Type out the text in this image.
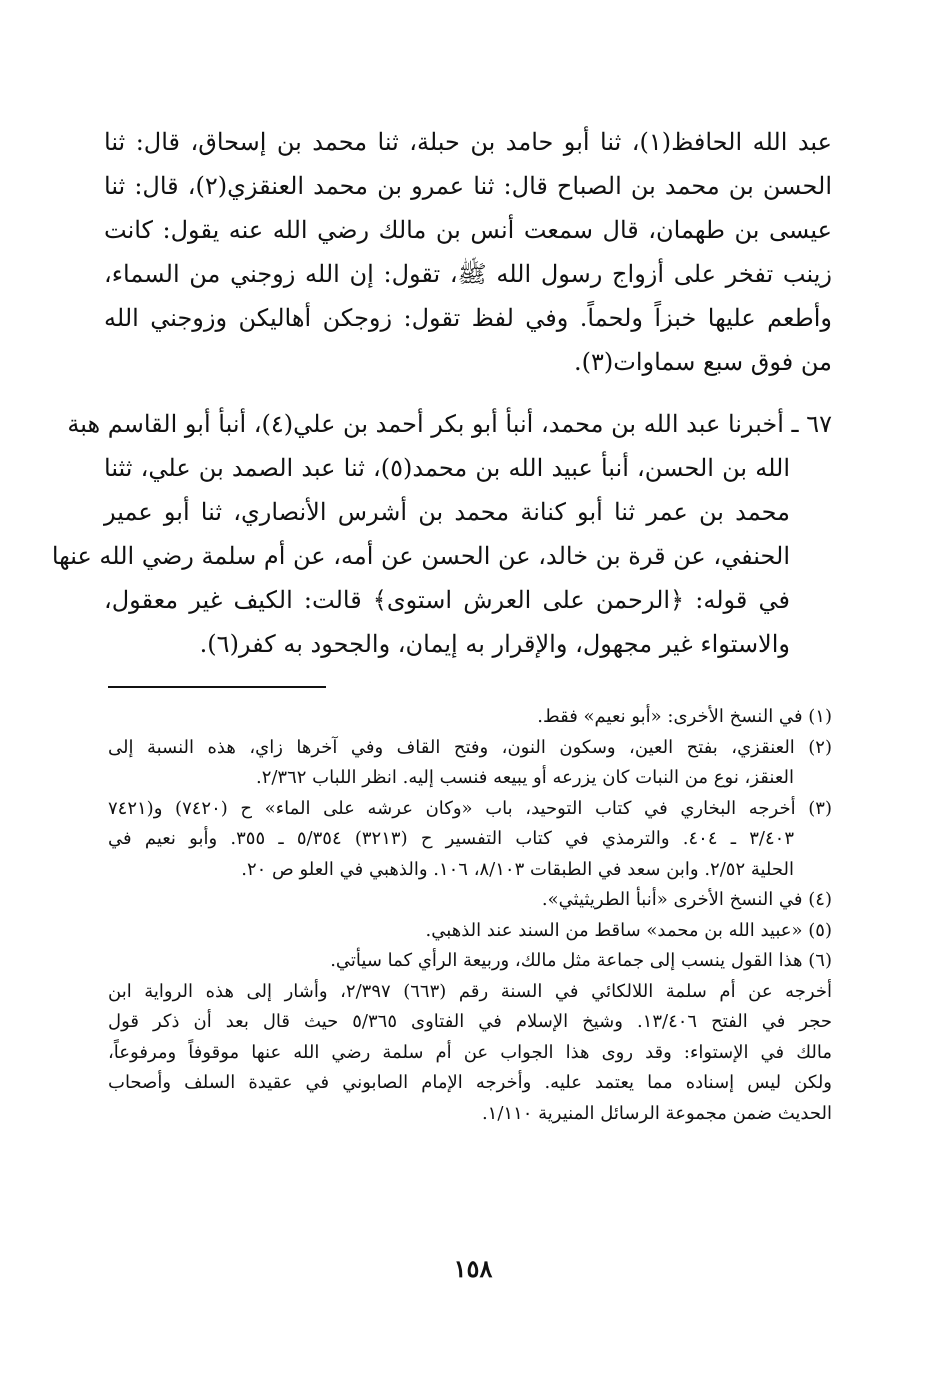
عبد الله الحافظ(١)، ثنا أبو حامد بن حبلة، ثنا محمد بن إسحاق، قال: ثنا
الحسن بن محمد بن الصباح قال: ثنا عمرو بن محمد العنقزي(٢)، قال: ثنا
عيسى بن طهمان، قال سمعت أنس بن مالك رضي الله عنه يقول: كانت
زينب تفخر على أزواج رسول الله ﷺ، تقول: إن الله زوجني من السماء،
وأطعم عليها خبزاً ولحماً. وفي لفظ تقول: زوجكن أهاليكن وزوجني الله
من فوق سبع سماوات(٣).
٦٧ ـ أخبرنا عبد الله بن محمد، أنبأ أبو بكر أحمد بن علي(٤)، أنبأ أبو القاسم هبة
الله بن الحسن، أنبأ عبيد الله بن محمد(٥)، ثنا عبد الصمد بن علي، ثثنا
محمد بن عمر ثنا أبو كنانة محمد بن أشرس الأنصاري، ثنا أبو عمير
الحنفي، عن قرة بن خالد، عن الحسن عن أمه، عن أم سلمة رضي الله عنها
في قوله: ﴿الرحمن على العرش استوى﴾ قالت: الكيف غير معقول،
والاستواء غير مجهول، والإقرار به إيمان، والجحود به كفر(٦).
(١) في النسخ الأخرى: «أبو نعيم» فقط.
(٢) العنقزي، بفتح العين، وسكون النون، وفتح القاف وفي آخرها زاي، هذه النسبة إلى
العنقز، نوع من النبات كان يزرعه أو يبيعه فنسب إليه. انظر اللباب ٢/٣٦٢.
(٣) أخرجه البخاري في كتاب التوحيد، باب «وكان عرشه على الماء» ح (٧٤٢٠) و(٧٤٢١
٣/٤٠٣ ـ ٤٠٤. والترمذي في كتاب التفسير ح (٣٢١٣) ٥/٣٥٤ ـ ٣٥٥. وأبو نعيم في
الحلية ٢/٥٢. وابن سعد في الطبقات ٨/١٠٣، ١٠٦. والذهبي في العلو ص ٢٠.
(٤) في النسخ الأخرى «أنبأ الطريثيثي».
(٥) «عبيد الله بن محمد» ساقط من السند عند الذهبي.
(٦) هذا القول ينسب إلى جماعة مثل مالك، وربيعة الرأي كما سيأتي.
أخرجه عن أم سلمة اللالكائي في السنة رقم (٦٦٣) ٢/٣٩٧، وأشار إلى هذه الرواية ابن
حجر في الفتح ١٣/٤٠٦. وشيخ الإسلام في الفتاوى ٥/٣٦٥ حيث قال بعد أن ذكر قول
مالك في الإستواء: وقد روى هذا الجواب عن أم سلمة رضي الله عنها موقوفاً ومرفوعاً،
ولكن ليس إسناده مما يعتمد عليه. وأخرجه الإمام الصابوني في عقيدة السلف وأصحاب
الحديث ضمن مجموعة الرسائل المنيرية ١/١١٠.
١٥٨
